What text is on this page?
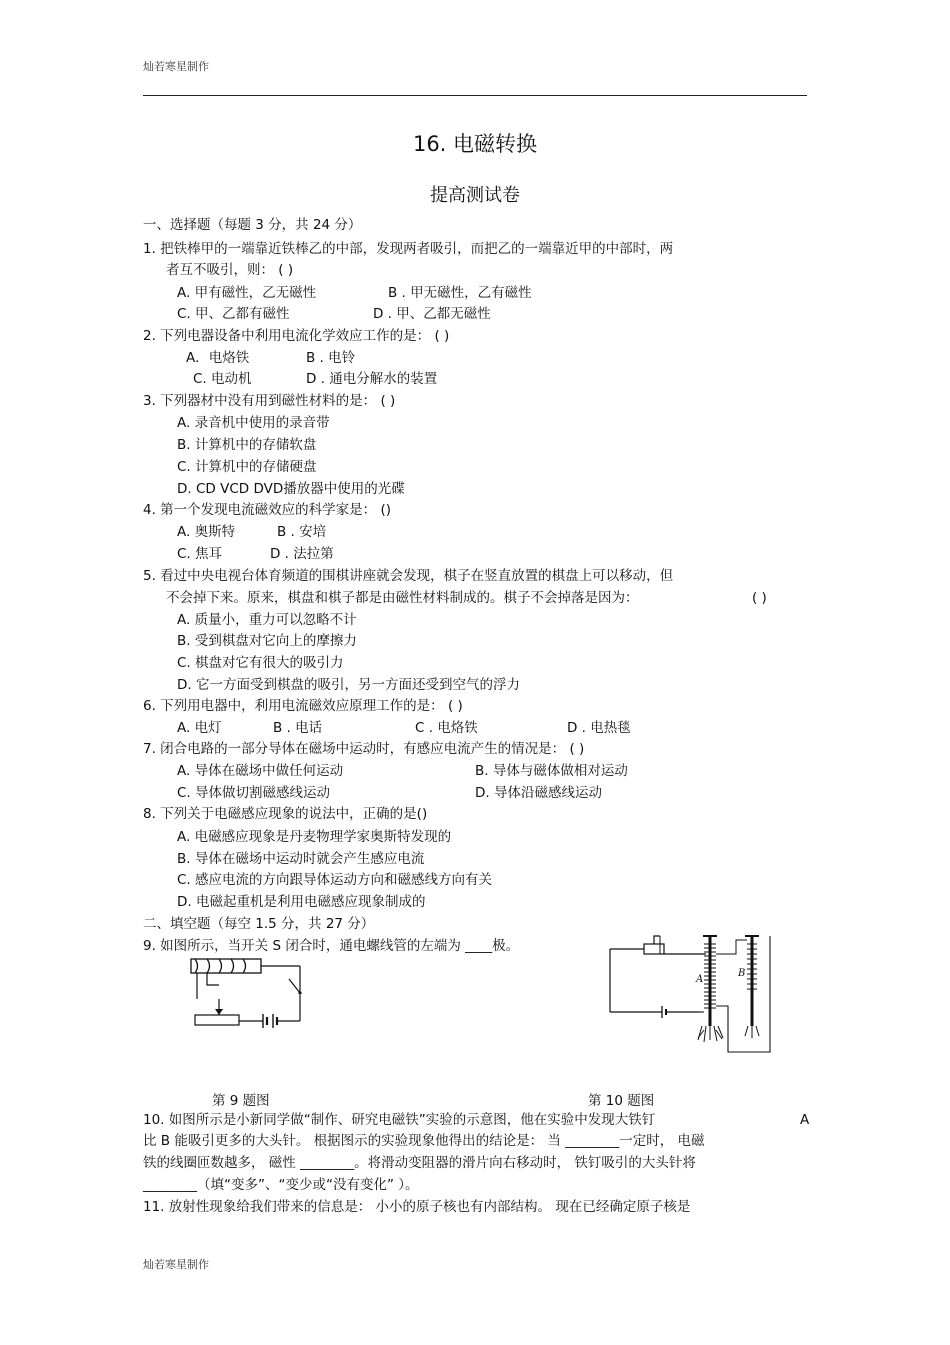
灿若寒星制作
16. 电磁转换
提高测试卷
一、选择题（每题 3 分，共 24 分）
1. 把铁棒甲的一端靠近铁棒乙的中部，发现两者吸引，而把乙的一端靠近甲的中部时，两
者互不吸引，则： ( )
A. 甲有磁性，乙无磁性	B . 甲无磁性，乙有磁性
C. 甲、乙都有磁性	D . 甲、乙都无磁性
2. 下列电器设备中利用电流化学效应工作的是： ( )
A．电烙铁	B . 电铃
C. 电动机	D . 通电分解水的装置
3. 下列器材中没有用到磁性材料的是： ( )
A. 录音机中使用的录音带
B. 计算机中的存储软盘
C. 计算机中的存储硬盘
D. CD VCD DVD播放器中使用的光碟
4. 第一个发现电流磁效应的科学家是： ()
A. 奥斯特	B . 安培
C. 焦耳	D . 法拉第
5. 看过中央电视台体育频道的围棋讲座就会发现，棋子在竖直放置的棋盘上可以移动，但
不会掉下来。原来，棋盘和棋子都是由磁性材料制成的。棋子不会掉落是因为：	( )
A. 质量小，重力可以忽略不计
B. 受到棋盘对它向上的摩擦力
C. 棋盘对它有很大的吸引力
D. 它一方面受到棋盘的吸引，另一方面还受到空气的浮力
6. 下列用电器中，利用电流磁效应原理工作的是： ( )
A. 电灯	B . 电话	C . 电烙铁	D . 电热毯
7. 闭合电路的一部分导体在磁场中运动时，有感应电流产生的情况是： ( )
A. 导体在磁场中做任何运动	B. 导体与磁体做相对运动
C. 导体做切割磁感线运动	D. 导体沿磁感线运动
8. 下列关于电磁感应现象的说法中，正确的是()
A. 电磁感应现象是丹麦物理学家奥斯特发现的
B. 导体在磁场中运动时就会产生感应电流
C. 感应电流的方向跟导体运动方向和磁感线方向有关
D. 电磁起重机是利用电磁感应现象制成的
二、填空题（每空 1.5 分，共 27 分）
9. 如图所示，当开关 S 闭合时，通电螺线管的左端为 ____极。
A
B
第 9 题图	第 10 题图
10. 如图所示是小新同学做“制作、研究电磁铁”实验的示意图，他在实验中发现大铁钉	A
比 B 能吸引更多的大头针。 根据图示的实验现象他得出的结论是： 当 ________一定时， 电磁
铁的线圈匝数越多， 磁性 ________。将滑动变阻器的滑片向右移动时， 铁钉吸引的大头针将
________（填“变多”、“变少或“没有变化” ）。
11. 放射性现象给我们带来的信息是： 小小的原子核也有内部结构。 现在已经确定原子核是
灿若寒星制作
